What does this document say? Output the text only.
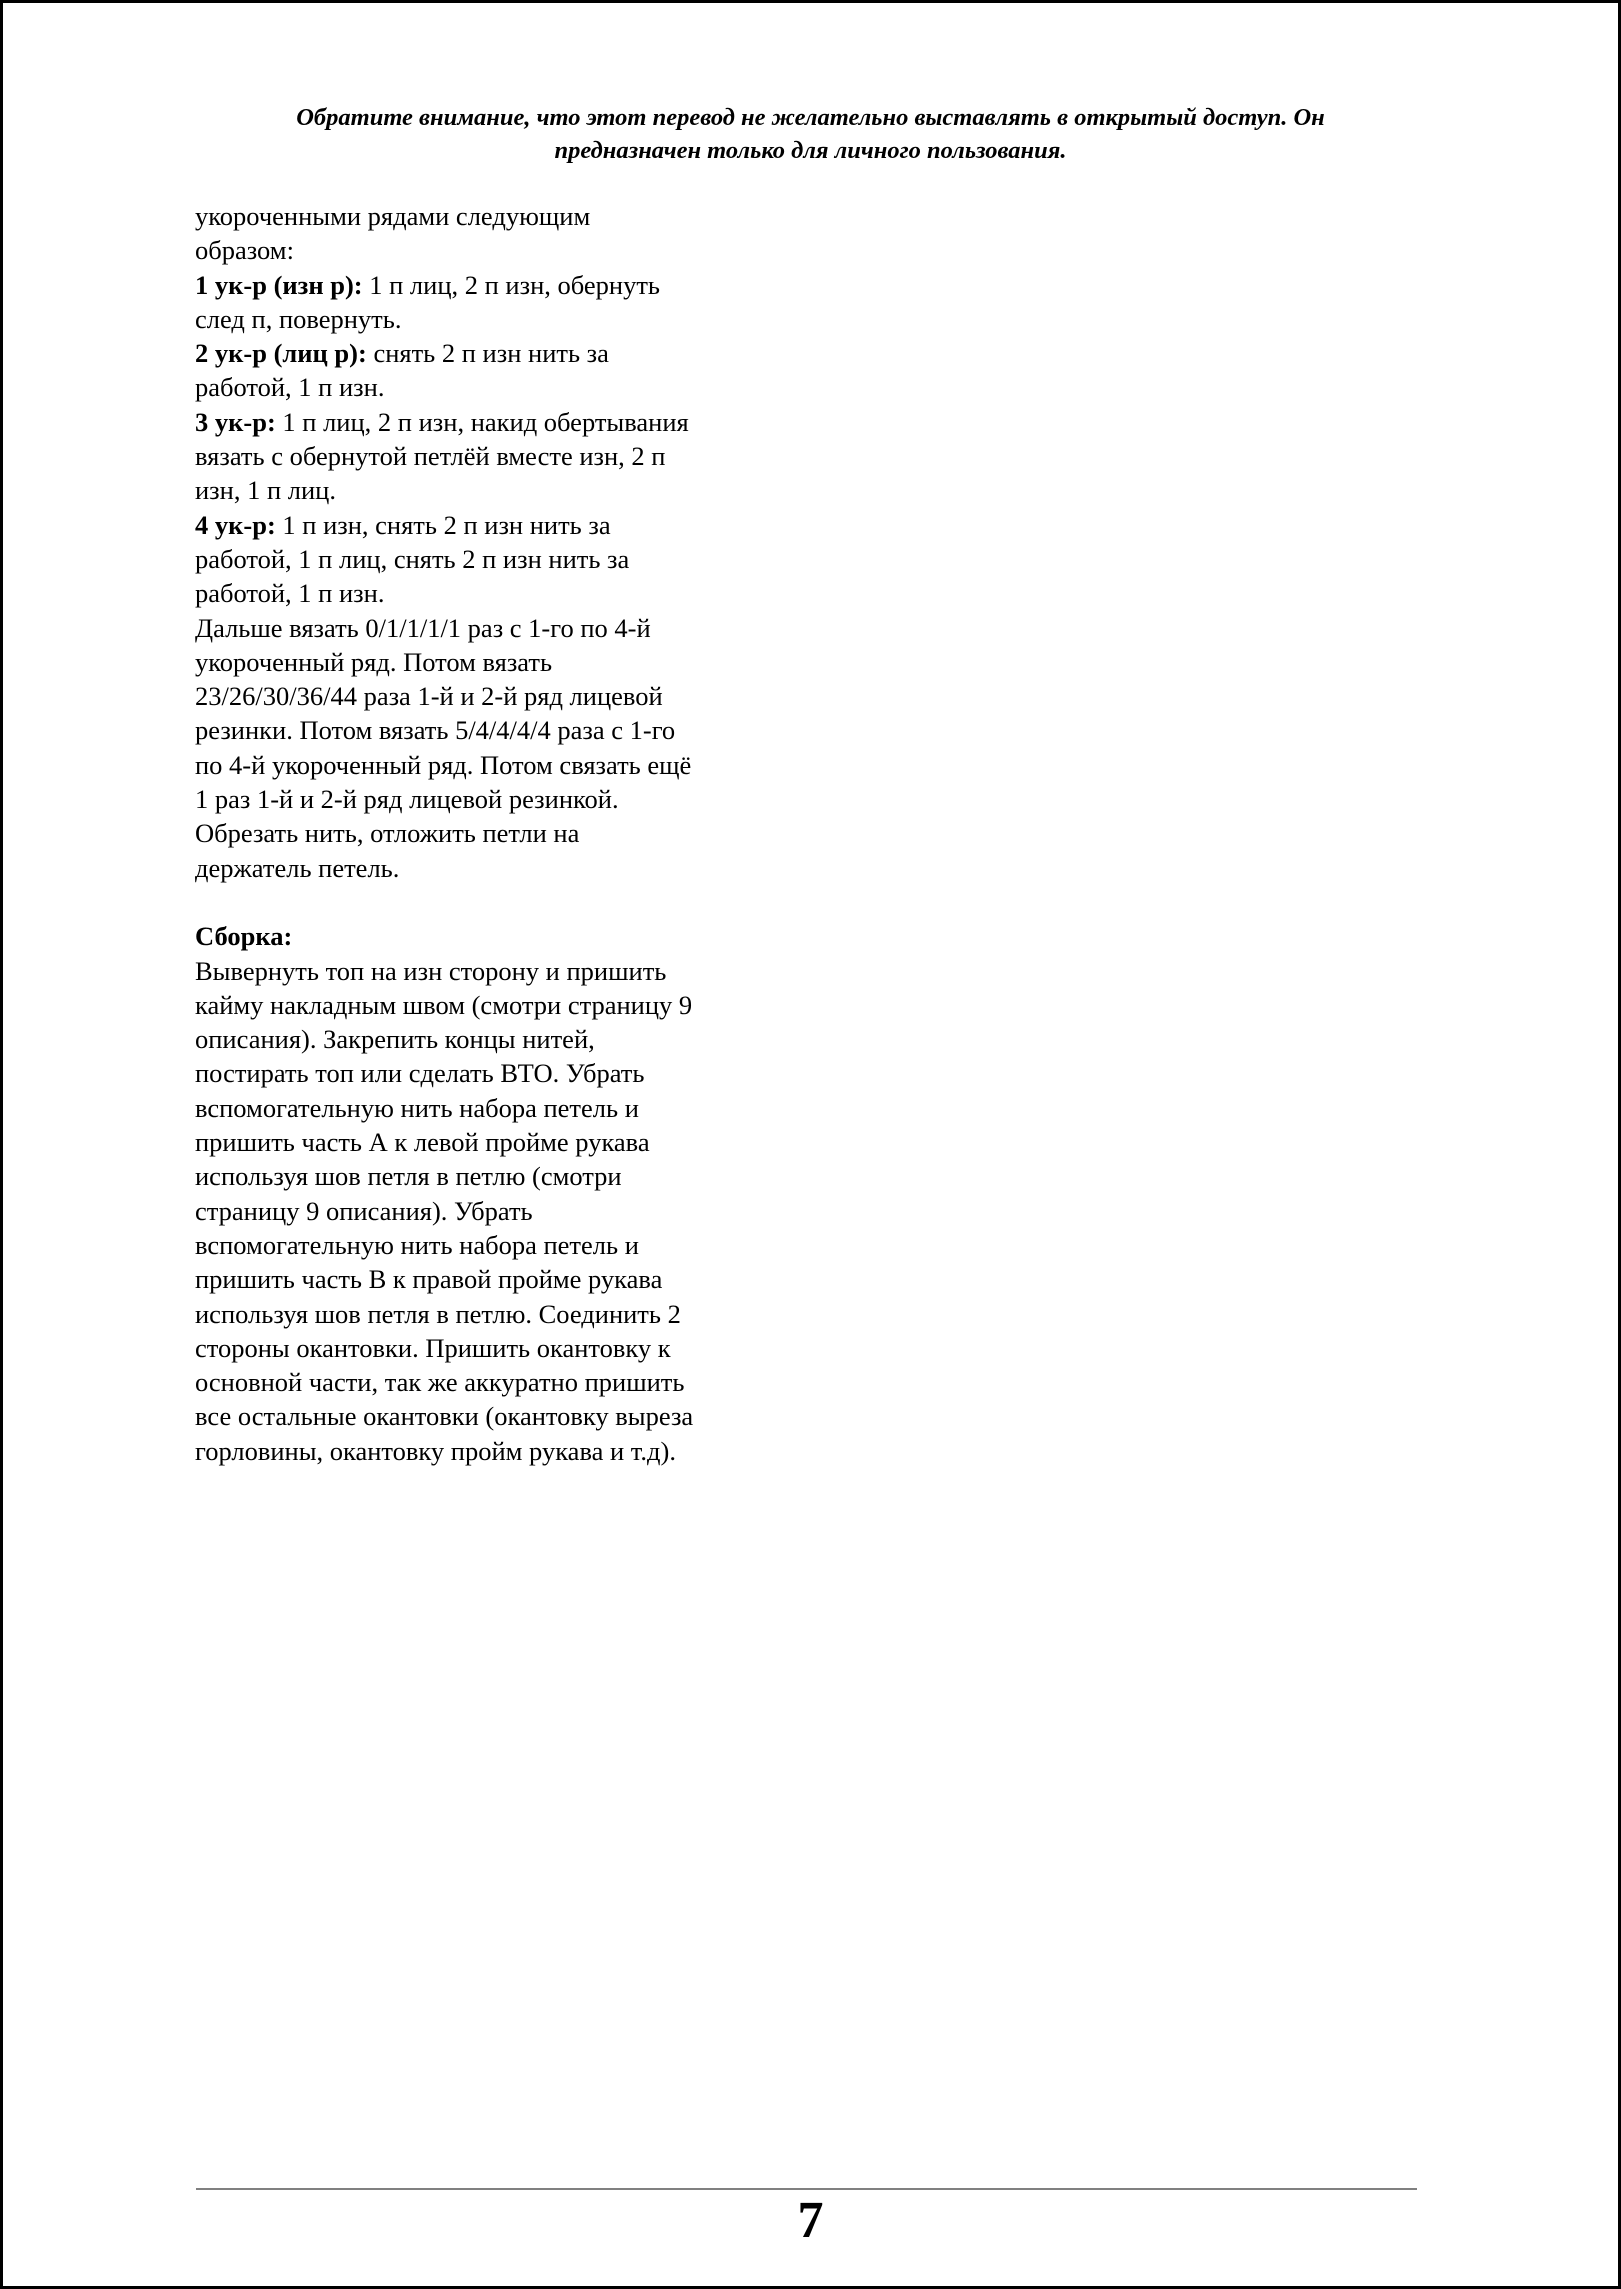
Обратите внимание, что этот перевод не желательно выставлять в открытый доступ. Он
предназначен только для личного пользования.

укороченными рядами следующим

образом:

1 ук-р (изн р): 1 п лиц, 2 п изн, обернуть

след п, повернуть.

2 ук-р (лиц р): снять 2 п изн нить за

работой, 1 п изн.

3 ук-р: 1 п лиц, 2 п изн, накид обертывания

вязать с обернутой петлёй вместе изн, 2 п

изн, 1 п лиц.

4 ук-р: 1 п изн, снять 2 п изн нить за

работой, 1 п лиц, снять 2 п изн нить за

работой, 1 п изн.

Дальше вязать 0/1/1/1/1 раз с 1-го по 4-й

укороченный ряд. Потом вязать

23/26/30/36/44 раза 1-й и 2-й ряд лицевой

резинки. Потом вязать 5/4/4/4/4 раза с 1-го

по 4-й укороченный ряд. Потом связать ещё

1 раз 1-й и 2-й ряд лицевой резинкой.

Обрезать нить, отложить петли на

держатель петель.

Сборка:

Вывернуть топ на изн сторону и пришить

кайму накладным швом (смотри страницу 9

описания). Закрепить концы нитей,

постирать топ или сделать ВТО. Убрать

вспомогательную нить набора петель и

пришить часть А к левой пройме рукава

используя шов петля в петлю (смотри

страницу 9 описания). Убрать

вспомогательную нить набора петель и

пришить часть В к правой пройме рукава

используя шов петля в петлю. Соединить 2

стороны окантовки. Пришить окантовку к

основной части, так же аккуратно пришить

все остальные окантовки (окантовку выреза

горловины, окантовку пройм рукава и т.д).

7
